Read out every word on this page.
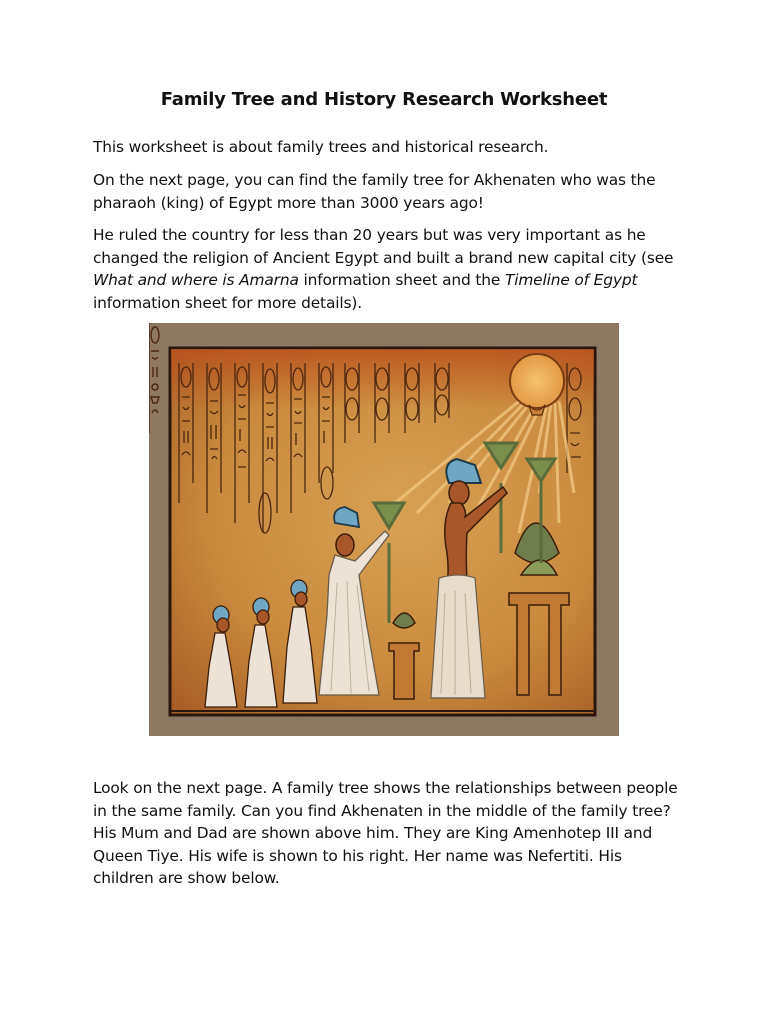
Family Tree and History Research Worksheet

This worksheet is about family trees and historical research.

On the next page, you can find the family tree for Akhenaten who was the pharaoh (king) of Egypt more than 3000 years ago!

He ruled the country for less than 20 years but was very important as he changed the religion of Ancient Egypt and built a brand new capital city (see What and where is Amarna information sheet and the Timeline of Egypt information sheet for more details).

Look on the next page. A family tree shows the relationships between people in the same family. Can you find Akhenaten in the middle of the family tree? His Mum and Dad are shown above him. They are King Amenhotep III and Queen Tiye. His wife is shown to his right. Her name was Nefertiti. His children are show below.
